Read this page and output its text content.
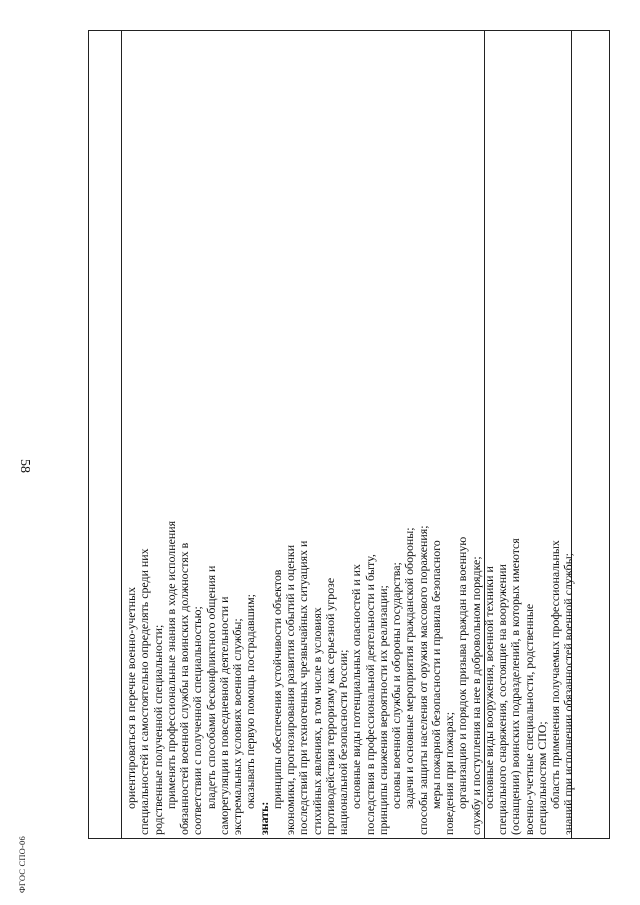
58
ориентироваться в перечне военно-учетных специальностей и самостоятельно определять среди них родственные полученной специальности; применять профессиональные знания в ходе исполнения обязанностей военной службы на воинских должностях в соответствии с полученной специальностью; владеть способами бесконфликтного общения и саморегуляции в повседневной деятельности и экстремальных условиях военной службы; оказывать первую помощь пострадавшим;
знать:
принципы обеспечения устойчивости объектов экономики, прогнозирования развития событий и оценки последствий при техногенных чрезвычайных ситуациях и стихийных явлениях, в том числе в условиях противодействия терроризму как серьезной угрозе национальной безопасности России; основные виды потенциальных опасностей и их последствия в профессиональной деятельности и быту, принципы снижения вероятности их реализации; основы военной службы и обороны государства; задачи и основные мероприятия гражданской обороны; способы защиты населения от оружия массового поражения; меры пожарной безопасности и правила безопасного поведения при пожарах; организацию и порядок призыва граждан на военную службу и поступления на нее в добровольном порядке; основные виды вооружения, военной техники и специального снаряжения, состоящие на вооружении (оснащении) воинских подразделений, в которых имеются военно-учетные специальности, родственные специальностям СПО; область применения получаемых профессиональных знаний при исполнении обязанностей военной службы;
ФГОС СПО-06
